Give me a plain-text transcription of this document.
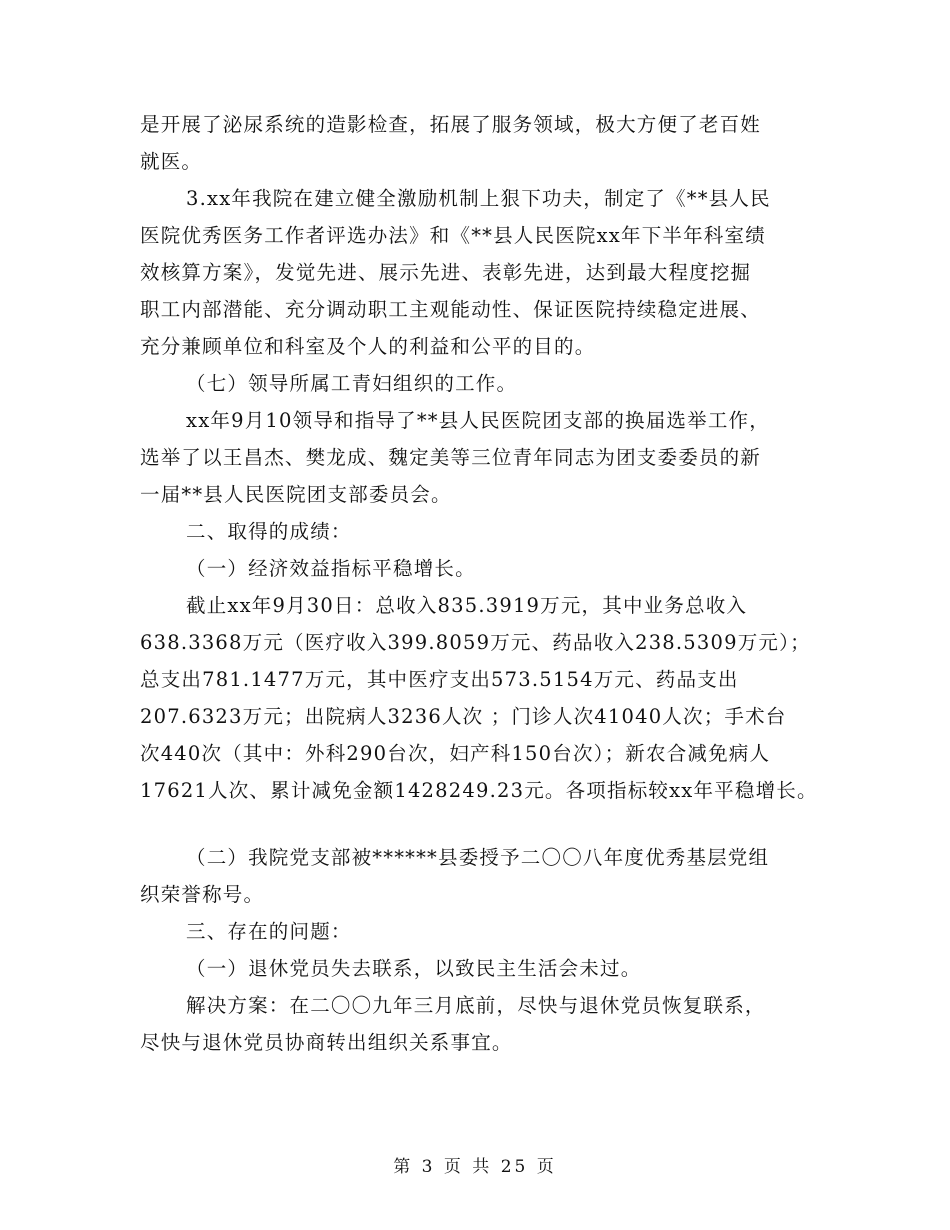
是开展了泌尿系统的造影检查，拓展了服务领域，极大方便了老百姓
就医。
3.xx年我院在建立健全激励机制上狠下功夫，制定了《**县人民
医院优秀医务工作者评选办法》和《**县人民医院xx年下半年科室绩
效核算方案》，发觉先进、展示先进、表彰先进，达到最大程度挖掘
职工内部潜能、充分调动职工主观能动性、保证医院持续稳定进展、
充分兼顾单位和科室及个人的利益和公平的目的。
（七）领导所属工青妇组织的工作。
xx年9月10领导和指导了**县人民医院团支部的换届选举工作，
选举了以王昌杰、樊龙成、魏定美等三位青年同志为团支委委员的新
一届**县人民医院团支部委员会。
二、取得的成绩：
（一）经济效益指标平稳增长。
截止xx年9月30日：总收入835.3919万元，其中业务总收入
638.3368万元（医疗收入399.8059万元、药品收入238.5309万元）；
总支出781.1477万元，其中医疗支出573.5154万元、药品支出
207.6323万元；出院病人3236人次 ；门诊人次41040人次；手术台
次440次（其中：外科290台次，妇产科150台次）；新农合减免病人
17621人次、累计减免金额1428249.23元。各项指标较xx年平稳增长。
（二）我院党支部被******县委授予二〇〇八年度优秀基层党组
织荣誉称号。
三、存在的问题：
（一）退休党员失去联系，以致民主生活会未过。
解决方案：在二〇〇九年三月底前，尽快与退休党员恢复联系，
尽快与退休党员协商转出组织关系事宜。
第 3 页 共 25 页
